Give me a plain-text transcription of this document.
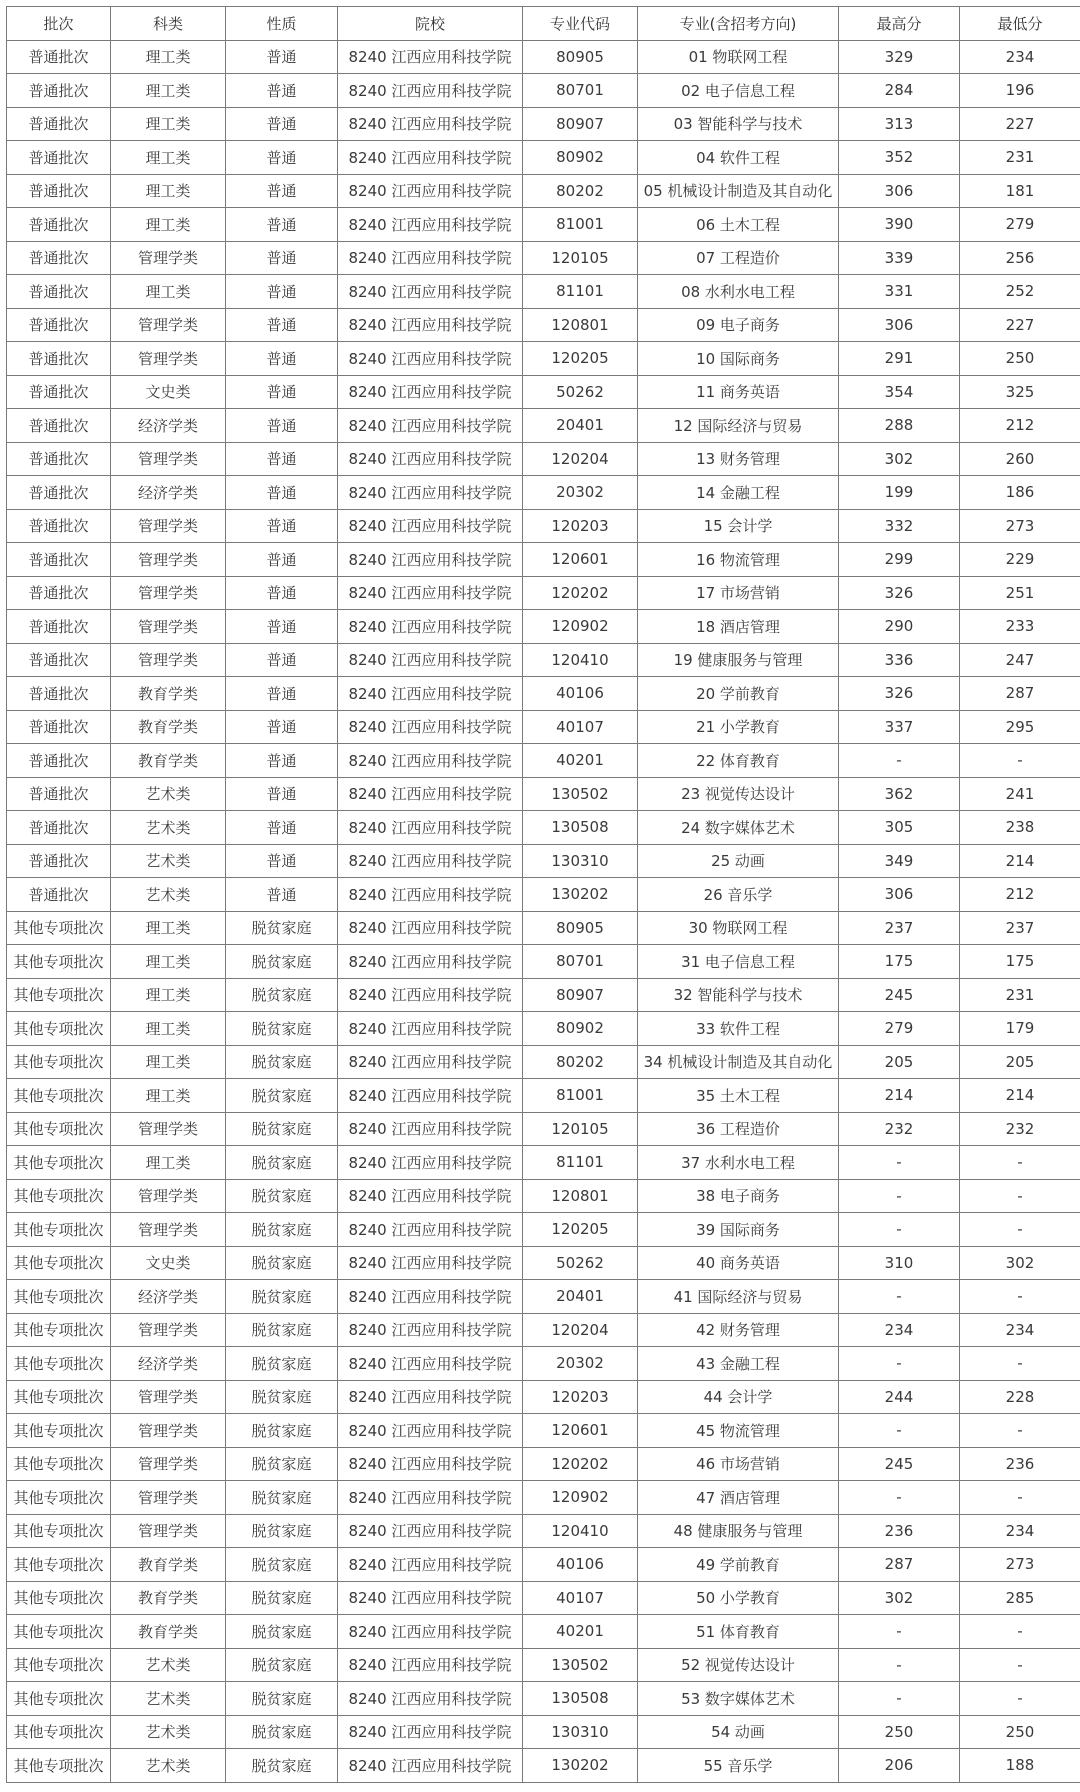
批次	科类	性质	院校	专业代码	专业(含招考方向)	最高分	最低分
普通批次	理工类	普通	8240 江西应用科技学院	80905	01 物联网工程	329	234
普通批次	理工类	普通	8240 江西应用科技学院	80701	02 电子信息工程	284	196
普通批次	理工类	普通	8240 江西应用科技学院	80907	03 智能科学与技术	313	227
普通批次	理工类	普通	8240 江西应用科技学院	80902	04 软件工程	352	231
普通批次	理工类	普通	8240 江西应用科技学院	80202	05 机械设计制造及其自动化	306	181
普通批次	理工类	普通	8240 江西应用科技学院	81001	06 土木工程	390	279
普通批次	管理学类	普通	8240 江西应用科技学院	120105	07 工程造价	339	256
普通批次	理工类	普通	8240 江西应用科技学院	81101	08 水利水电工程	331	252
普通批次	管理学类	普通	8240 江西应用科技学院	120801	09 电子商务	306	227
普通批次	管理学类	普通	8240 江西应用科技学院	120205	10 国际商务	291	250
普通批次	文史类	普通	8240 江西应用科技学院	50262	11 商务英语	354	325
普通批次	经济学类	普通	8240 江西应用科技学院	20401	12 国际经济与贸易	288	212
普通批次	管理学类	普通	8240 江西应用科技学院	120204	13 财务管理	302	260
普通批次	经济学类	普通	8240 江西应用科技学院	20302	14 金融工程	199	186
普通批次	管理学类	普通	8240 江西应用科技学院	120203	15 会计学	332	273
普通批次	管理学类	普通	8240 江西应用科技学院	120601	16 物流管理	299	229
普通批次	管理学类	普通	8240 江西应用科技学院	120202	17 市场营销	326	251
普通批次	管理学类	普通	8240 江西应用科技学院	120902	18 酒店管理	290	233
普通批次	管理学类	普通	8240 江西应用科技学院	120410	19 健康服务与管理	336	247
普通批次	教育学类	普通	8240 江西应用科技学院	40106	20 学前教育	326	287
普通批次	教育学类	普通	8240 江西应用科技学院	40107	21 小学教育	337	295
普通批次	教育学类	普通	8240 江西应用科技学院	40201	22 体育教育	-	-
普通批次	艺术类	普通	8240 江西应用科技学院	130502	23 视觉传达设计	362	241
普通批次	艺术类	普通	8240 江西应用科技学院	130508	24 数字媒体艺术	305	238
普通批次	艺术类	普通	8240 江西应用科技学院	130310	25 动画	349	214
普通批次	艺术类	普通	8240 江西应用科技学院	130202	26 音乐学	306	212
其他专项批次	理工类	脱贫家庭	8240 江西应用科技学院	80905	30 物联网工程	237	237
其他专项批次	理工类	脱贫家庭	8240 江西应用科技学院	80701	31 电子信息工程	175	175
其他专项批次	理工类	脱贫家庭	8240 江西应用科技学院	80907	32 智能科学与技术	245	231
其他专项批次	理工类	脱贫家庭	8240 江西应用科技学院	80902	33 软件工程	279	179
其他专项批次	理工类	脱贫家庭	8240 江西应用科技学院	80202	34 机械设计制造及其自动化	205	205
其他专项批次	理工类	脱贫家庭	8240 江西应用科技学院	81001	35 土木工程	214	214
其他专项批次	管理学类	脱贫家庭	8240 江西应用科技学院	120105	36 工程造价	232	232
其他专项批次	理工类	脱贫家庭	8240 江西应用科技学院	81101	37 水利水电工程	-	-
其他专项批次	管理学类	脱贫家庭	8240 江西应用科技学院	120801	38 电子商务	-	-
其他专项批次	管理学类	脱贫家庭	8240 江西应用科技学院	120205	39 国际商务	-	-
其他专项批次	文史类	脱贫家庭	8240 江西应用科技学院	50262	40 商务英语	310	302
其他专项批次	经济学类	脱贫家庭	8240 江西应用科技学院	20401	41 国际经济与贸易	-	-
其他专项批次	管理学类	脱贫家庭	8240 江西应用科技学院	120204	42 财务管理	234	234
其他专项批次	经济学类	脱贫家庭	8240 江西应用科技学院	20302	43 金融工程	-	-
其他专项批次	管理学类	脱贫家庭	8240 江西应用科技学院	120203	44 会计学	244	228
其他专项批次	管理学类	脱贫家庭	8240 江西应用科技学院	120601	45 物流管理	-	-
其他专项批次	管理学类	脱贫家庭	8240 江西应用科技学院	120202	46 市场营销	245	236
其他专项批次	管理学类	脱贫家庭	8240 江西应用科技学院	120902	47 酒店管理	-	-
其他专项批次	管理学类	脱贫家庭	8240 江西应用科技学院	120410	48 健康服务与管理	236	234
其他专项批次	教育学类	脱贫家庭	8240 江西应用科技学院	40106	49 学前教育	287	273
其他专项批次	教育学类	脱贫家庭	8240 江西应用科技学院	40107	50 小学教育	302	285
其他专项批次	教育学类	脱贫家庭	8240 江西应用科技学院	40201	51 体育教育	-	-
其他专项批次	艺术类	脱贫家庭	8240 江西应用科技学院	130502	52 视觉传达设计	-	-
其他专项批次	艺术类	脱贫家庭	8240 江西应用科技学院	130508	53 数字媒体艺术	-	-
其他专项批次	艺术类	脱贫家庭	8240 江西应用科技学院	130310	54 动画	250	250
其他专项批次	艺术类	脱贫家庭	8240 江西应用科技学院	130202	55 音乐学	206	188
